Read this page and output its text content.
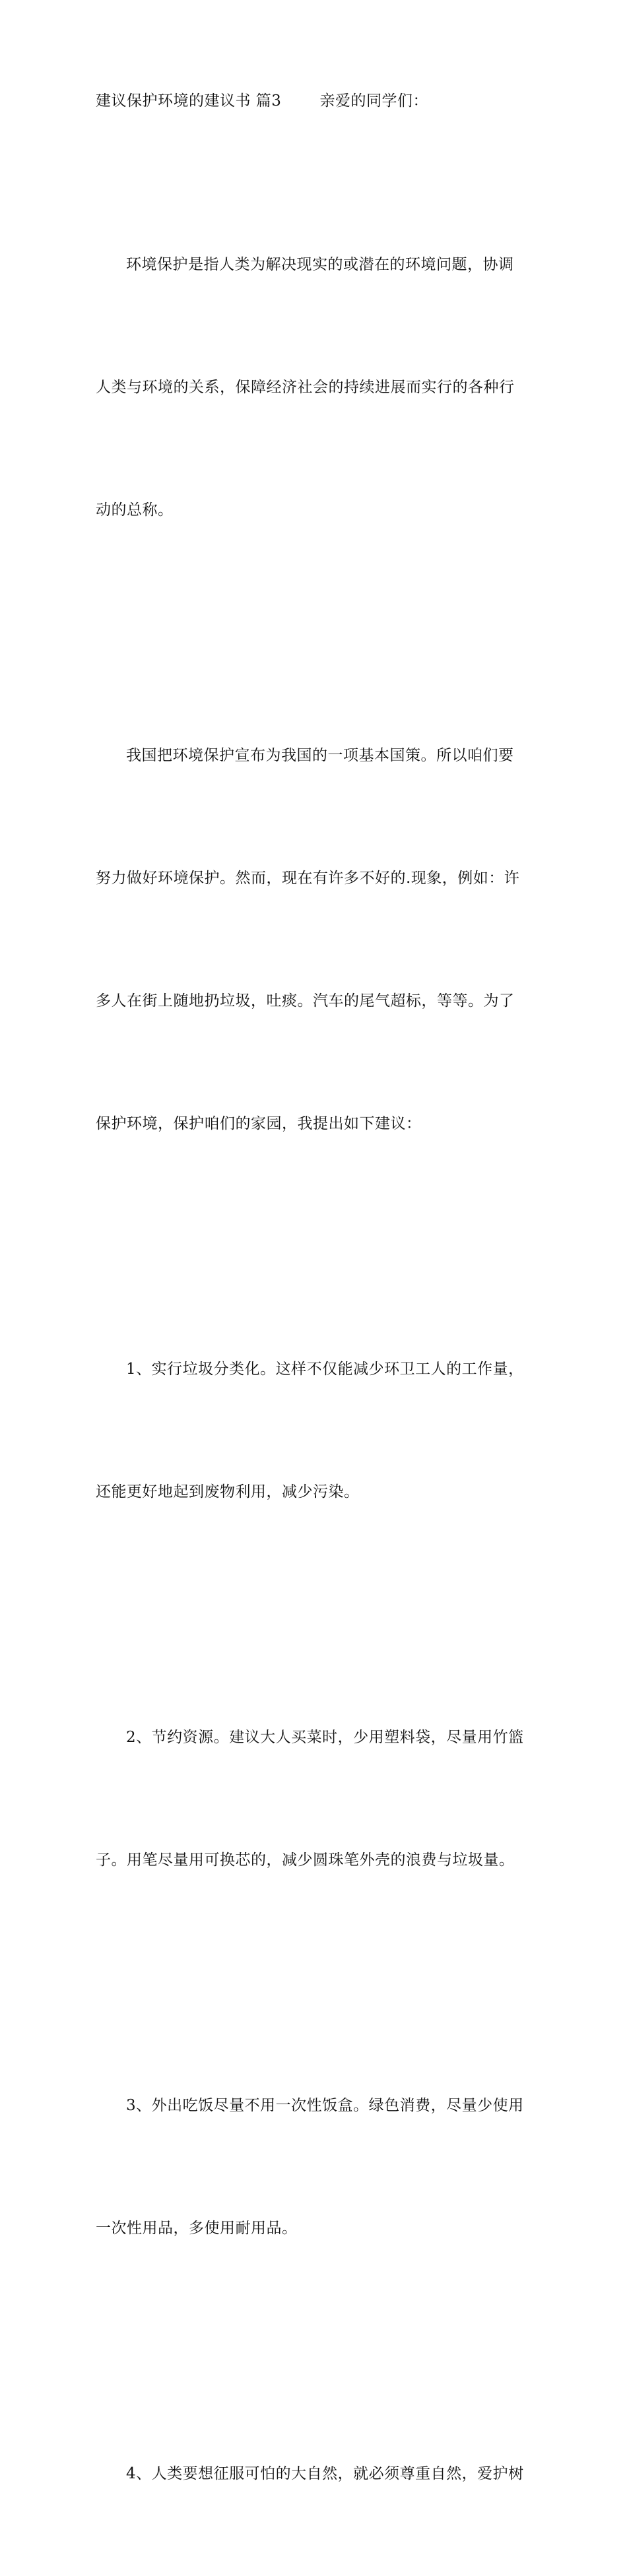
建议保护环境的建议书 篇3	亲爱的同学们：

环境保护是指人类为解决现实的或潜在的环境问题，协调

人类与环境的关系，保障经济社会的持续进展而实行的各种行

动的总称。

我国把环境保护宣布为我国的一项基本国策。所以咱们要

努力做好环境保护。然而，现在有许多不好的.现象，例如：许

多人在街上随地扔垃圾，吐痰。汽车的尾气超标，等等。为了

保护环境，保护咱们的家园，我提出如下建议：

1、实行垃圾分类化。这样不仅能减少环卫工人的工作量，

还能更好地起到废物利用，减少污染。

2、节约资源。建议大人买菜时，少用塑料袋，尽量用竹篮

子。用笔尽量用可换芯的，减少圆珠笔外壳的浪费与垃圾量。

3、外出吃饭尽量不用一次性饭盒。绿色消费，尽量少使用

一次性用品，多使用耐用品。

4、人类要想征服可怕的大自然，就必须尊重自然，爱护树
